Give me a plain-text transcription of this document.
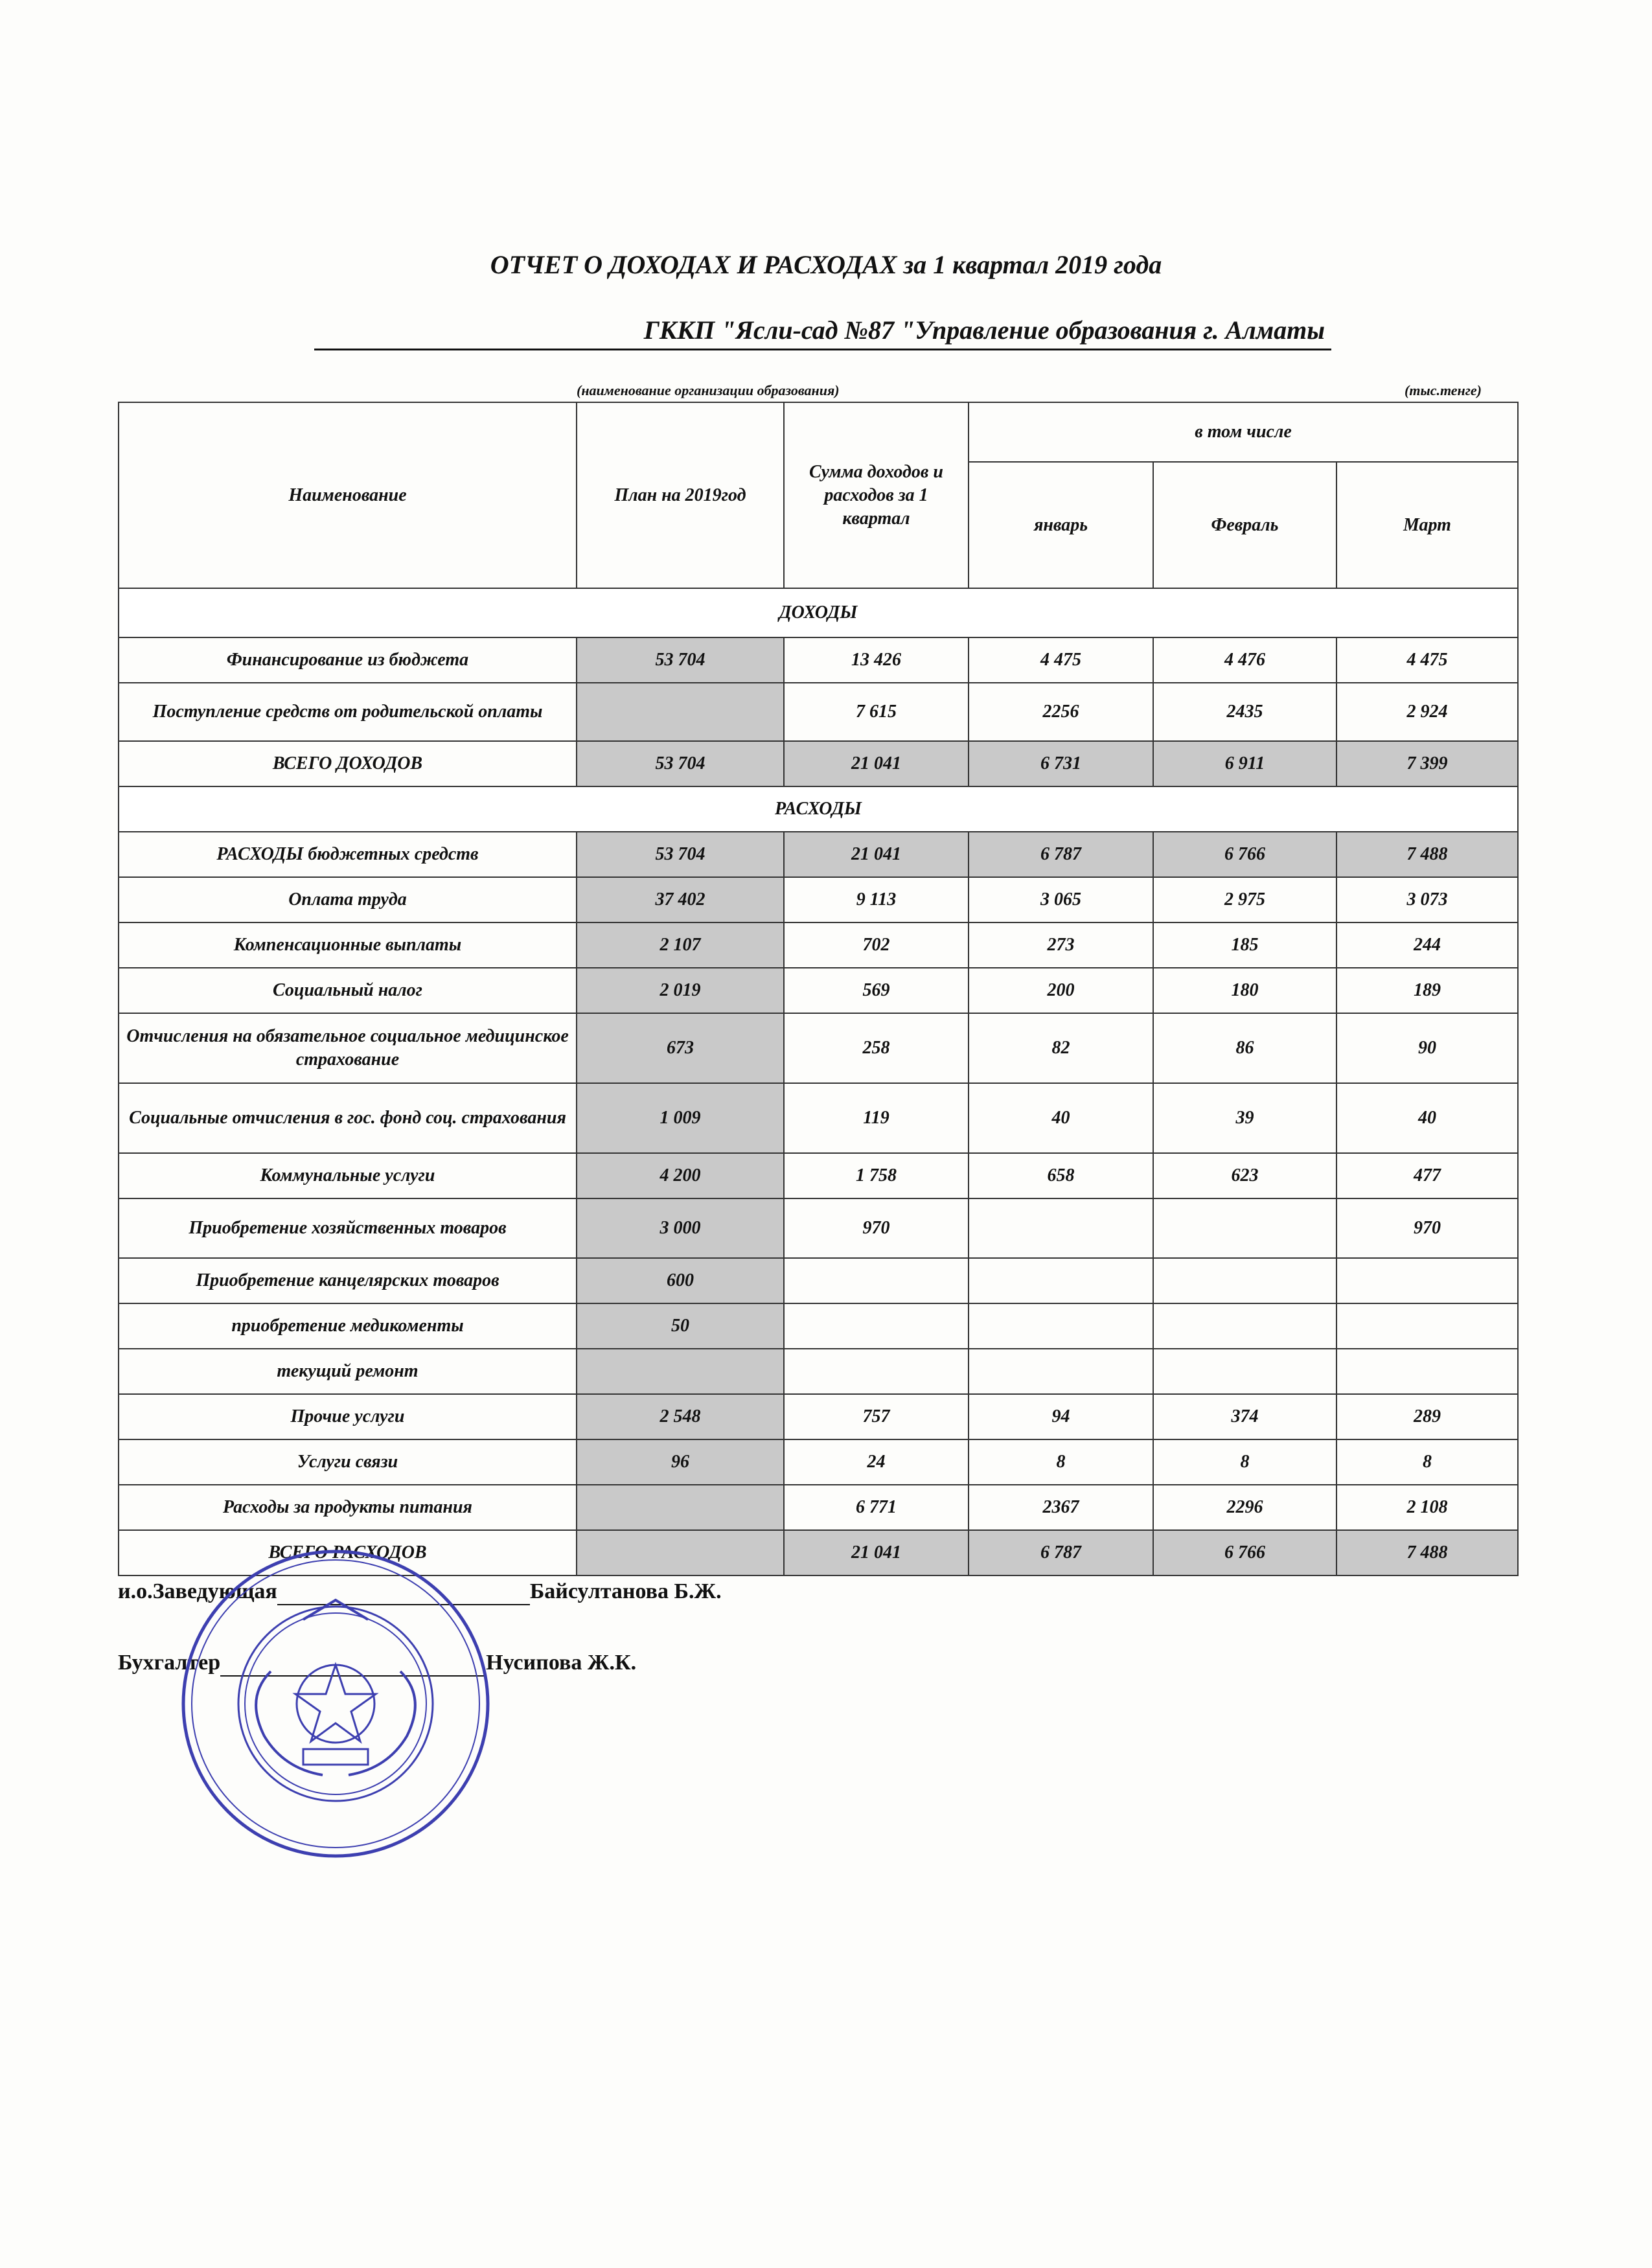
ОТЧЕТ О ДОХОДАХ И РАСХОДАХ за 1 квартал 2019 года
ГККП "Ясли-сад №87 "Управление образования г. Алматы
(наименование организации образования)	(тыс.тенге)
Наименование	План на 2019год	Сумма доходов и расходов за 1 квартал	в том числе		
			январь	Февраль	Март
ДОХОДЫ					
Финансирование из бюджета	53 704	13 426	4 475	4 476	4 475
Поступление средств от родительской оплаты		7 615	2256	2435	2 924
ВСЕГО ДОХОДОВ	53 704	21 041	6 731	6 911	7 399
РАСХОДЫ					
РАСХОДЫ бюджетных средств	53 704	21 041	6 787	6 766	7 488
Оплата труда	37 402	9 113	3 065	2 975	3 073
Компенсационные выплаты	2 107	702	273	185	244
Социальный налог	2 019	569	200	180	189
Отчисления на обязательное социальное медицинское страхование	673	258	82	86	90
Социальные отчисления в гос. фонд соц. страхования	1 009	119	40	39	40
Коммунальные услуги	4 200	1 758	658	623	477
Приобретение хозяйственных товаров	3 000	970			970
Приобретение канцелярских товаров	600				
приобретение медикоменты	50				
текущий ремонт					
Прочие услуги	2 548	757	94	374	289
Услуги связи	96	24	8	8	8
Расходы за продукты питания		6 771	2367	2296	2 108
ВСЕГО РАСХОДОВ		21 041	6 787	6 766	7 488
и.о.Заведующая	Байсултанова Б.Ж.
Бухгалтер	Нусипова Ж.К.
